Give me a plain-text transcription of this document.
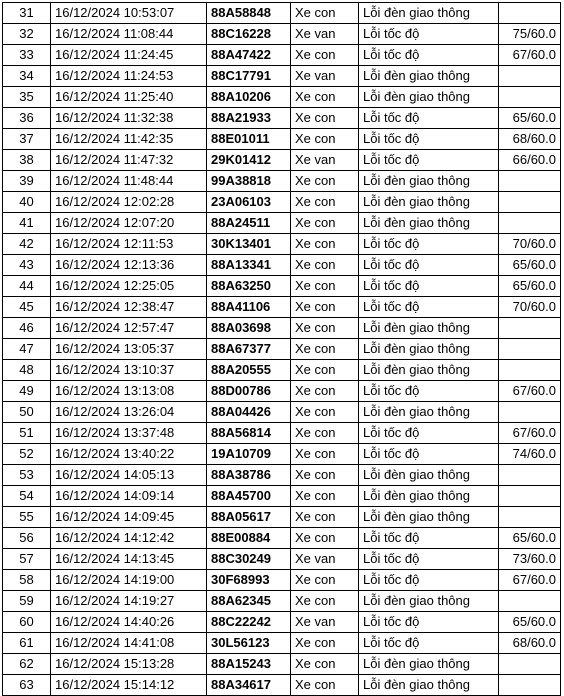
31	16/12/2024 10:53:07	88A58848	Xe con	Lỗi đèn giao thông	
32	16/12/2024 11:08:44	88C16228	Xe van	Lỗi tốc độ	75/60.0
33	16/12/2024 11:24:45	88A47422	Xe con	Lỗi tốc độ	67/60.0
34	16/12/2024 11:24:53	88C17791	Xe van	Lỗi đèn giao thông	
35	16/12/2024 11:25:40	88A10206	Xe con	Lỗi đèn giao thông	
36	16/12/2024 11:32:38	88A21933	Xe con	Lỗi tốc độ	65/60.0
37	16/12/2024 11:42:35	88E01011	Xe con	Lỗi tốc độ	68/60.0
38	16/12/2024 11:47:32	29K01412	Xe van	Lỗi tốc độ	66/60.0
39	16/12/2024 11:48:44	99A38818	Xe con	Lỗi đèn giao thông	
40	16/12/2024 12:02:28	23A06103	Xe con	Lỗi đèn giao thông	
41	16/12/2024 12:07:20	88A24511	Xe con	Lỗi đèn giao thông	
42	16/12/2024 12:11:53	30K13401	Xe con	Lỗi tốc độ	70/60.0
43	16/12/2024 12:13:36	88A13341	Xe con	Lỗi tốc độ	65/60.0
44	16/12/2024 12:25:05	88A63250	Xe con	Lỗi tốc độ	65/60.0
45	16/12/2024 12:38:47	88A41106	Xe con	Lỗi tốc độ	70/60.0
46	16/12/2024 12:57:47	88A03698	Xe con	Lỗi đèn giao thông	
47	16/12/2024 13:05:37	88A67377	Xe con	Lỗi đèn giao thông	
48	16/12/2024 13:10:37	88A20555	Xe con	Lỗi đèn giao thông	
49	16/12/2024 13:13:08	88D00786	Xe con	Lỗi tốc độ	67/60.0
50	16/12/2024 13:26:04	88A04426	Xe con	Lỗi đèn giao thông	
51	16/12/2024 13:37:48	88A56814	Xe con	Lỗi tốc độ	67/60.0
52	16/12/2024 13:40:22	19A10709	Xe con	Lỗi tốc độ	74/60.0
53	16/12/2024 14:05:13	88A38786	Xe con	Lỗi đèn giao thông	
54	16/12/2024 14:09:14	88A45700	Xe con	Lỗi đèn giao thông	
55	16/12/2024 14:09:45	88A05617	Xe con	Lỗi đèn giao thông	
56	16/12/2024 14:12:42	88E00884	Xe con	Lỗi tốc độ	65/60.0
57	16/12/2024 14:13:45	88C30249	Xe van	Lỗi tốc độ	73/60.0
58	16/12/2024 14:19:00	30F68993	Xe con	Lỗi tốc độ	67/60.0
59	16/12/2024 14:19:27	88A62345	Xe con	Lỗi đèn giao thông	
60	16/12/2024 14:40:26	88C22242	Xe van	Lỗi tốc độ	65/60.0
61	16/12/2024 14:41:08	30L56123	Xe con	Lỗi tốc độ	68/60.0
62	16/12/2024 15:13:28	88A15243	Xe con	Lỗi đèn giao thông	
63	16/12/2024 15:14:12	88A34617	Xe con	Lỗi đèn giao thông	
